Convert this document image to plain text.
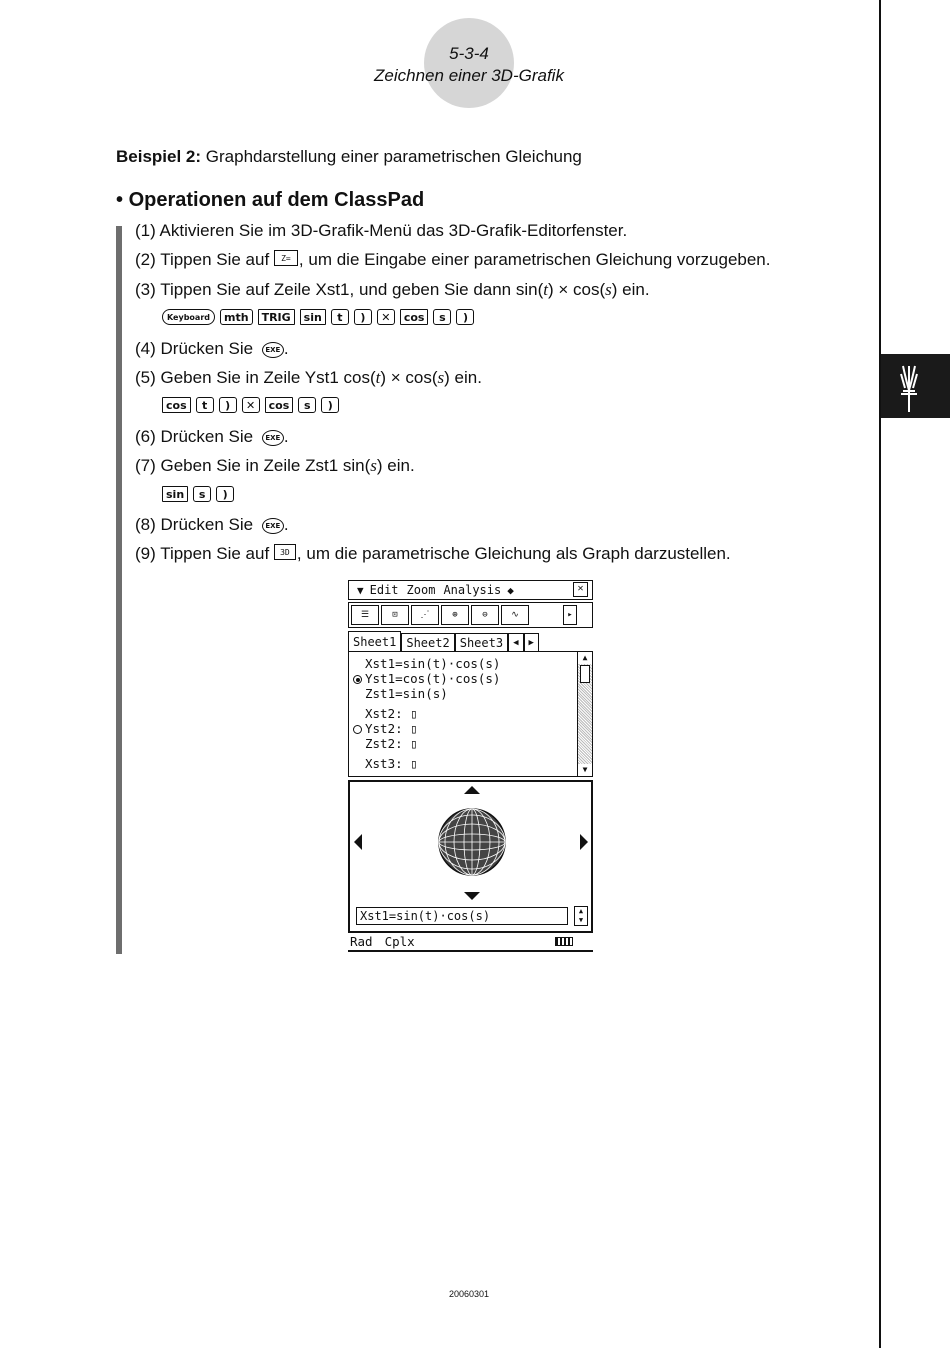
5-3-4
Zeichnen einer 3D-Grafik
Beispiel 2: Graphdarstellung einer parametrischen Gleichung
• Operationen auf dem ClassPad
(1) Aktivieren Sie im 3D-Grafik-Menü das 3D-Grafik-Editorfenster.
(2) Tippen Sie auf Z= , um die Eingabe einer parametrischen Gleichung vorzugeben.
(3) Tippen Sie auf Zeile Xst1, und geben Sie dann sin(t) × cos(s) ein.
Keyboard	mth	TRIG	sin	t	)	✕	cos	s	)
(4) Drücken Sie EXE .
(5) Geben Sie in Zeile Yst1 cos(t) × cos(s) ein.
cos	t	)	✕	cos	s	)
(6) Drücken Sie EXE .
(7) Geben Sie in Zeile Zst1 sin(s) ein.
sin	s	)
(8) Drücken Sie EXE .
(9) Tippen Sie auf 3D , um die parametrische Gleichung als Graph darzustellen.
▼ Edit Zoom Analysis ◆	✕
☰	⊡	⋰	⊕	⊖	∿	▸
Sheet1 Sheet2 Sheet3	◀	▶
Xst1=sin(t)·cos(s)
Yst1=cos(t)·cos(s)
Zst1=sin(s)
Xst2: ▯
Yst2: ▯
Zst2: ▯
Xst3: ▯
▲
▼
Xst1=sin(t)·cos(s)	▲
▼
Rad Cplx
20060301
